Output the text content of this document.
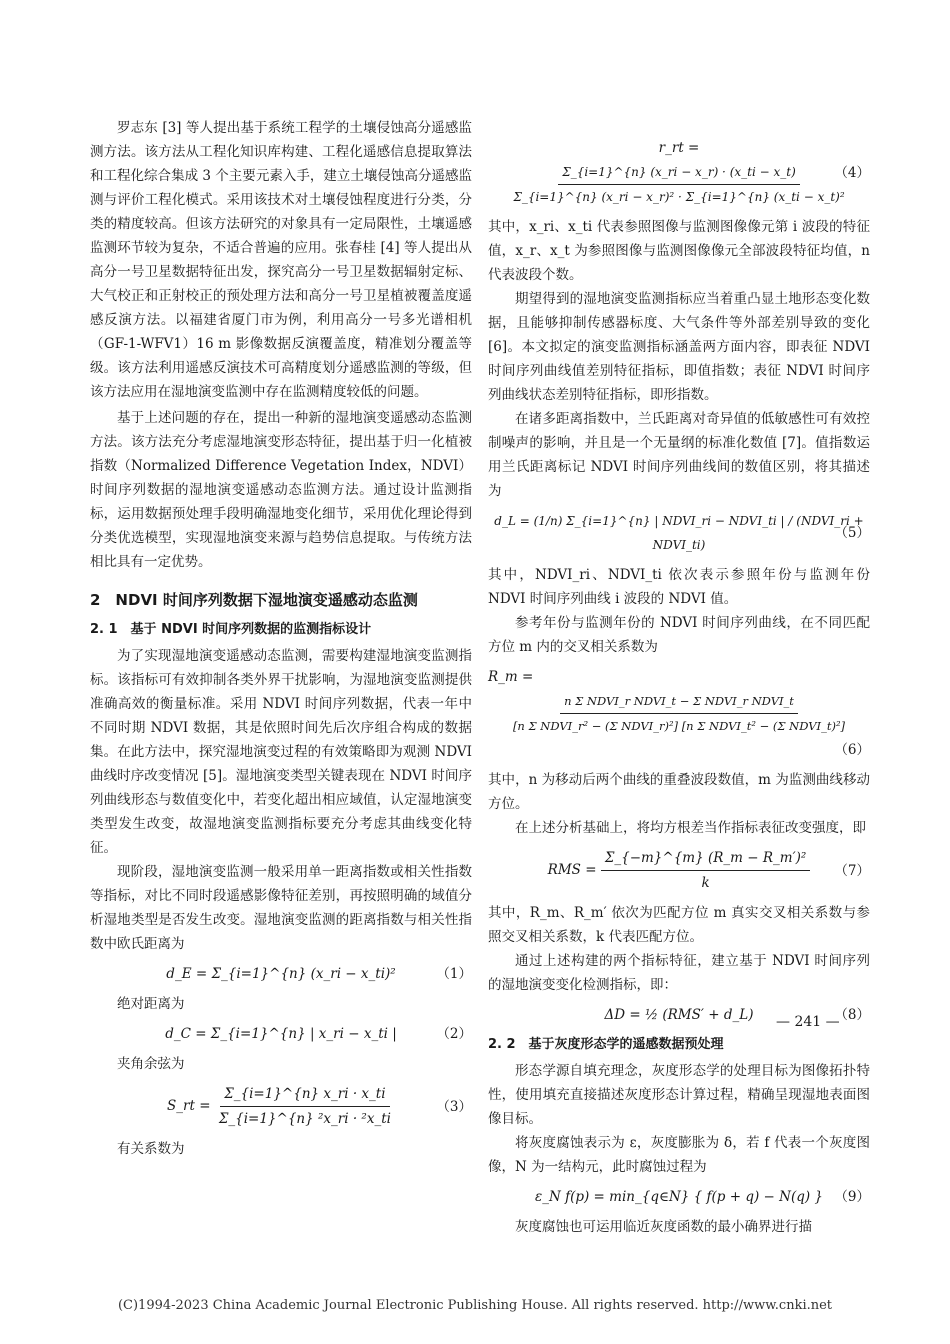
罗志东 [3] 等人提出基于系统工程学的土壤侵蚀高分遥感监测方法。该方法从工程化知识库构建、工程化遥感信息提取算法和工程化综合集成 3 个主要元素入手，建立土壤侵蚀高分遥感监测与评价工程化模式。采用该技术对土壤侵蚀程度进行分类，分类的精度较高。但该方法研究的对象具有一定局限性，土壤遥感监测环节较为复杂，不适合普遍的应用。张春桂 [4] 等人提出从高分一号卫星数据特征出发，探究高分一号卫星数据辐射定标、大气校正和正射校正的预处理方法和高分一号卫星植被覆盖度遥感反演方法。以福建省厦门市为例，利用高分一号多光谱相机（GF-1-WFV1）16 m 影像数据反演覆盖度，精准划分覆盖等级。该方法利用遥感反演技术可高精度划分遥感监测的等级，但该方法应用在湿地演变监测中存在监测精度较低的问题。

基于上述问题的存在，提出一种新的湿地演变遥感动态监测方法。该方法充分考虑湿地演变形态特征，提出基于归一化植被指数（Normalized Difference Vegetation Index，NDVI）时间序列数据的湿地演变遥感动态监测方法。通过设计监测指标，运用数据预处理手段明确湿地变化细节，采用优化理论得到分类优选模型，实现湿地演变来源与趋势信息提取。与传统方法相比具有一定优势。

2　NDVI 时间序列数据下湿地演变遥感动态监测
2. 1　基于 NDVI 时间序列数据的监测指标设计

为了实现湿地演变遥感动态监测，需要构建湿地演变监测指标。该指标可有效抑制各类外界干扰影响，为湿地演变监测提供准确高效的衡量标准。采用 NDVI 时间序列数据，代表一年中不同时期 NDVI 数据，其是依照时间先后次序组合构成的数据集。在此方法中，探究湿地演变过程的有效策略即为观测 NDVI 曲线时序改变情况 [5]。湿地演变类型关键表现在 NDVI 时间序列曲线形态与数值变化中，若变化超出相应域值，认定湿地演变类型发生改变，故湿地演变监测指标要充分考虑其曲线变化特征。

现阶段，湿地演变监测一般采用单一距离指数或相关性指数等指标，对比不同时段遥感影像特征差别，再按照明确的域值分析湿地类型是否发生改变。湿地演变监测的距离指数与相关性指数中欧氏距离为

d_E = Σ_{i=1}^{n} (x_ri − x_ti)²	（1）

绝对距离为

d_C = Σ_{i=1}^{n} | x_ri − x_ti |	（2）

夹角余弦为

S_rt = $\frac{\Sigma\_\{i=1\}\^{}\{n\} x\_ri \cdot x\_ti}{\text{Σ\_\{i=1\}\textasciicircum{}\{n\} ²x\_ri · ²x\_ti}}$	（3）

有关系数为

r_rt =
$\frac{\Sigma\_\{i=1\}\^{}\{n\} (x\_ri - x\_r) \cdot (x\_ti - x\_t)}{\text{Σ\_\{i=1\}\textasciicircum{}\{n\} (x\_ri − x\_r)² · Σ\_\{i=1\}\textasciicircum{}\{n\} (x\_ti − x\_t)²}}$
（4）

其中，x_ri、x_ti 代表参照图像与监测图像像元第 i 波段的特征值，x_r、x_t 为参照图像与监测图像像元全部波段特征均值，n 代表波段个数。

期望得到的湿地演变监测指标应当着重凸显土地形态变化数据，且能够抑制传感器标度、大气条件等外部差别导致的变化 [6]。本文拟定的演变监测指标涵盖两方面内容，即表征 NDVI 时间序列曲线值差别特征指标，即值指数；表征 NDVI 时间序列曲线状态差别特征指标，即形指数。

在诸多距离指数中，兰氏距离对奇异值的低敏感性可有效控制噪声的影响，并且是一个无量纲的标准化数值 [7]。值指数运用兰氏距离标记 NDVI 时间序列曲线间的数值区别，将其描述为

d_L = (1/n) Σ_{i=1}^{n} | NDVI_ri − NDVI_ti | / (NDVI_ri + NDVI_ti)
（5）

其中，NDVI_ri、NDVI_ti 依次表示参照年份与监测年份 NDVI 时间序列曲线 i 波段的 NDVI 值。

参考年份与监测年份的 NDVI 时间序列曲线，在不同匹配方位 m 内的交叉相关系数为

R_m =
n Σ NDVI_r NDVI_t − Σ NDVI_r NDVI_t
[n Σ NDVI_r² − (Σ NDVI_r)²] [n Σ NDVI_t² − (Σ NDVI_t)²]
（6）

其中，n 为移动后两个曲线的重叠波段数值，m 为监测曲线移动方位。

在上述分析基础上，将均方根差当作指标表征改变强度，即

RMS = $\frac{\text{Σ\_\{−m\}\textasciicircum{}\{m\} (R\_m − R\_m′)²}}{k} (7)$

其中，R_m、R_m′ 依次为匹配方位 m 真实交叉相关系数与参照交叉相关系数，k 代表匹配方位。

通过上述构建的两个指标特征，建立基于 NDVI 时间序列的湿地演变变化检测指标，即：

ΔD = ½ (RMS′ + d_L)	（8）
2. 2　基于灰度形态学的遥感数据预处理

形态学源自填充理念，灰度形态学的处理目标为图像拓扑特性，使用填充直接描述灰度形态计算过程，精确呈现湿地表面图像目标。

将灰度腐蚀表示为 ε，灰度膨胀为 δ，若 f 代表一个灰度图像，N 为一结构元，此时腐蚀过程为

ε_N f(p) = min_{q∈N} { f(p + q) − N(q) } （9）

灰度腐蚀也可运用临近灰度函数的最小确界进行描

— 241 —
(C)1994-2023 China Academic Journal Electronic Publishing House. All rights reserved. http://www.cnki.net
